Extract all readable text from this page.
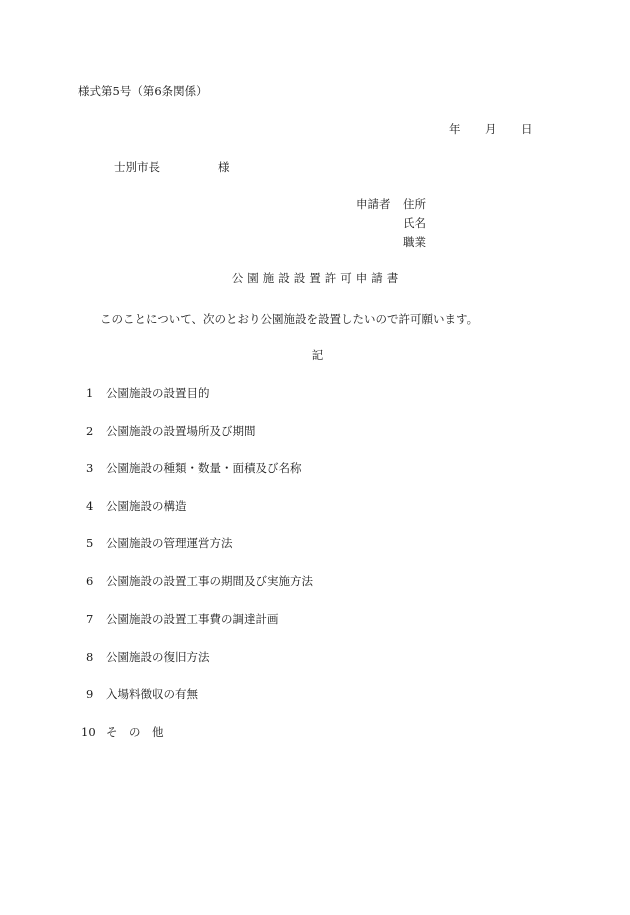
様式第5号（第6条関係）
年 月 日
士別市長	様
申請者 住所
氏名
職業
公園施設設置許可申請書
このことについて、次のとおり公園施設を設置したいので許可願います。
記
1 公園施設の設置目的
2 公園施設の設置場所及び期間
3 公園施設の種類・数量・面積及び名称
4 公園施設の構造
5 公園施設の管理運営方法
6 公園施設の設置工事の期間及び実施方法
7 公園施設の設置工事費の調達計画
8 公園施設の復旧方法
9 入場料徴収の有無
10 そ　の　他
